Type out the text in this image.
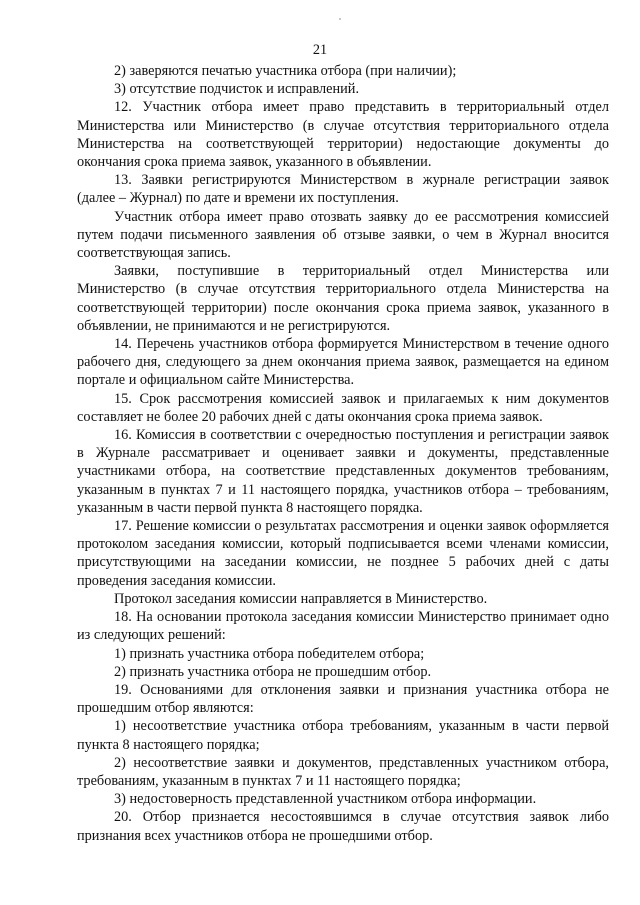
21

2) заверяются печатью участника отбора (при наличии);

3) отсутствие подчисток и исправлений.

12. Участник отбора имеет право представить в территориальный отдел Министерства или Министерство (в случае отсутствия территориального отдела Министерства на соответствующей территории) недостающие документы до окончания срока приема заявок, указанного в объявлении.

13. Заявки регистрируются Министерством в журнале регистрации заявок (далее – Журнал) по дате и времени их поступления.

Участник отбора имеет право отозвать заявку до ее рассмотрения комиссией путем подачи письменного заявления об отзыве заявки, о чем в Журнал вносится соответствующая запись.

Заявки, поступившие в территориальный отдел Министерства или Министерство (в случае отсутствия территориального отдела Министерства на соответствующей территории) после окончания срока приема заявок, указанного в объявлении, не принимаются и не регистрируются.

14. Перечень участников отбора формируется Министерством в течение одного рабочего дня, следующего за днем окончания приема заявок, размещается на едином портале и официальном сайте Министерства.

15. Срок рассмотрения комиссией заявок и прилагаемых к ним документов составляет не более 20 рабочих дней с даты окончания срока приема заявок.

16. Комиссия в соответствии с очередностью поступления и регистрации заявок в Журнале рассматривает и оценивает заявки и документы, представленные участниками отбора, на соответствие представленных документов требованиям, указанным в пунктах 7 и 11 настоящего порядка, участников отбора – требованиям, указанным в части первой пункта 8 настоящего порядка.

17. Решение комиссии о результатах рассмотрения и оценки заявок оформляется протоколом заседания комиссии, который подписывается всеми членами комиссии, присутствующими на заседании комиссии, не позднее 5 рабочих дней с даты проведения заседания комиссии.

Протокол заседания комиссии направляется в Министерство.

18. На основании протокола заседания комиссии Министерство принимает одно из следующих решений:

1) признать участника отбора победителем отбора;

2) признать участника отбора не прошедшим отбор.

19. Основаниями для отклонения заявки и признания участника отбора не прошедшим отбор являются:

1) несоответствие участника отбора требованиям, указанным в части первой пункта 8 настоящего порядка;

2) несоответствие заявки и документов, представленных участником отбора, требованиям, указанным в пунктах 7 и 11 настоящего порядка;

3) недостоверность представленной участником отбора информации.

20. Отбор признается несостоявшимся в случае отсутствия заявок либо признания всех участников отбора не прошедшими отбор.
